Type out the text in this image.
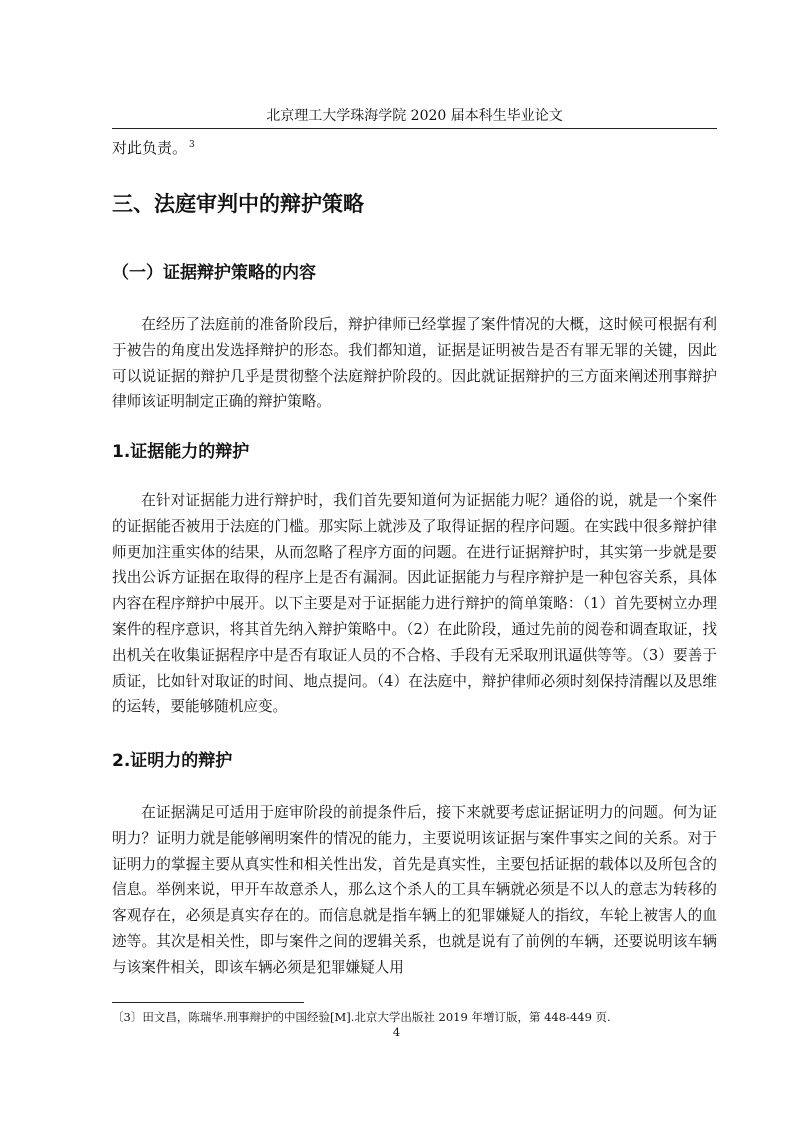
北京理工大学珠海学院 2020 届本科生毕业论文
对此负责。 $^3$
三、法庭审判中的辩护策略
（一）证据辩护策略的内容
在经历了法庭前的准备阶段后，辩护律师已经掌握了案件情况的大概，这时候可根据有利于被告的角度出发选择辩护的形态。我们都知道，证据是证明被告是否有罪无罪的关键，因此可以说证据的辩护几乎是贯彻整个法庭辩护阶段的。因此就证据辩护的三方面来阐述刑事辩护律师该证明制定正确的辩护策略。
1.证据能力的辩护
在针对证据能力进行辩护时，我们首先要知道何为证据能力呢？通俗的说，就是一个案件的证据能否被用于法庭的门槛。那实际上就涉及了取得证据的程序问题。在实践中很多辩护律师更加注重实体的结果，从而忽略了程序方面的问题。在进行证据辩护时，其实第一步就是要找出公诉方证据在取得的程序上是否有漏洞。因此证据能力与程序辩护是一种包容关系，具体内容在程序辩护中展开。以下主要是对于证据能力进行辩护的简单策略：（1）首先要树立办理案件的程序意识，将其首先纳入辩护策略中。（2）在此阶段，通过先前的阅卷和调查取证，找出机关在收集证据程序中是否有取证人员的不合格、手段有无采取刑讯逼供等等。（3）要善于质证，比如针对取证的时间、地点提问。（4）在法庭中，辩护律师必须时刻保持清醒以及思维的运转，要能够随机应变。
2.证明力的辩护
在证据满足可适用于庭审阶段的前提条件后，接下来就要考虑证据证明力的问题。何为证明力？证明力就是能够阐明案件的情况的能力，主要说明该证据与案件事实之间的关系。对于证明力的掌握主要从真实性和相关性出发，首先是真实性，主要包括证据的载体以及所包含的信息。举例来说，甲开车故意杀人，那么这个杀人的工具车辆就必须是不以人的意志为转移的客观存在，必须是真实存在的。而信息就是指车辆上的犯罪嫌疑人的指纹，车轮上被害人的血迹等。其次是相关性，即与案件之间的逻辑关系，也就是说有了前例的车辆，还要说明该车辆与该案件相关，即该车辆必须是犯罪嫌疑人用
〔3〕田文昌，陈瑞华.刑事辩护的中国经验[M].北京大学出版社 2019 年增订版，第 448-449 页.
4
